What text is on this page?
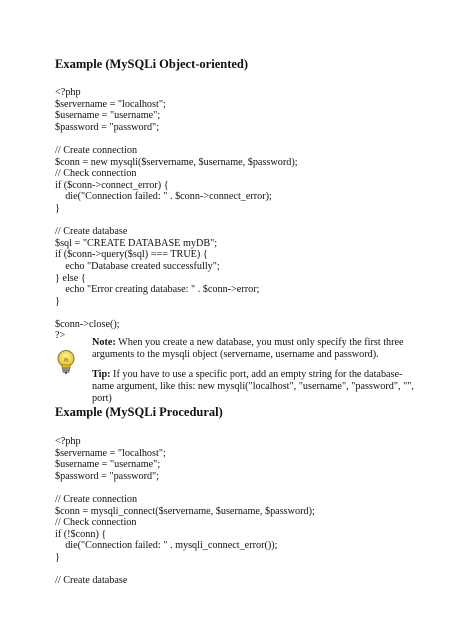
Example (MySQLi Object-oriented)
<?php
$servername = "localhost";
$username = "username";
$password = "password";
// Create connection
$conn = new mysqli($servername, $username, $password);
// Check connection
if ($conn->connect_error) {
die("Connection failed: " . $conn->connect_error);
}
// Create database
$sql = "CREATE DATABASE myDB";
if ($conn->query($sql) === TRUE) {
echo "Database created successfully";
} else {
echo "Error creating database: " . $conn->error;
}
$conn->close();
?>
Note: When you create a new database, you must only specify the first three arguments to the mysqli object (servername, username and password).
Tip: If you have to use a specific port, add an empty string for the database-name argument, like this: new mysqli("localhost", "username", "password", "", port)
Example (MySQLi Procedural)
<?php
$servername = "localhost";
$username = "username";
$password = "password";
// Create connection
$conn = mysqli_connect($servername, $username, $password);
// Check connection
if (!$conn) {
die("Connection failed: " . mysqli_connect_error());
}
// Create database
